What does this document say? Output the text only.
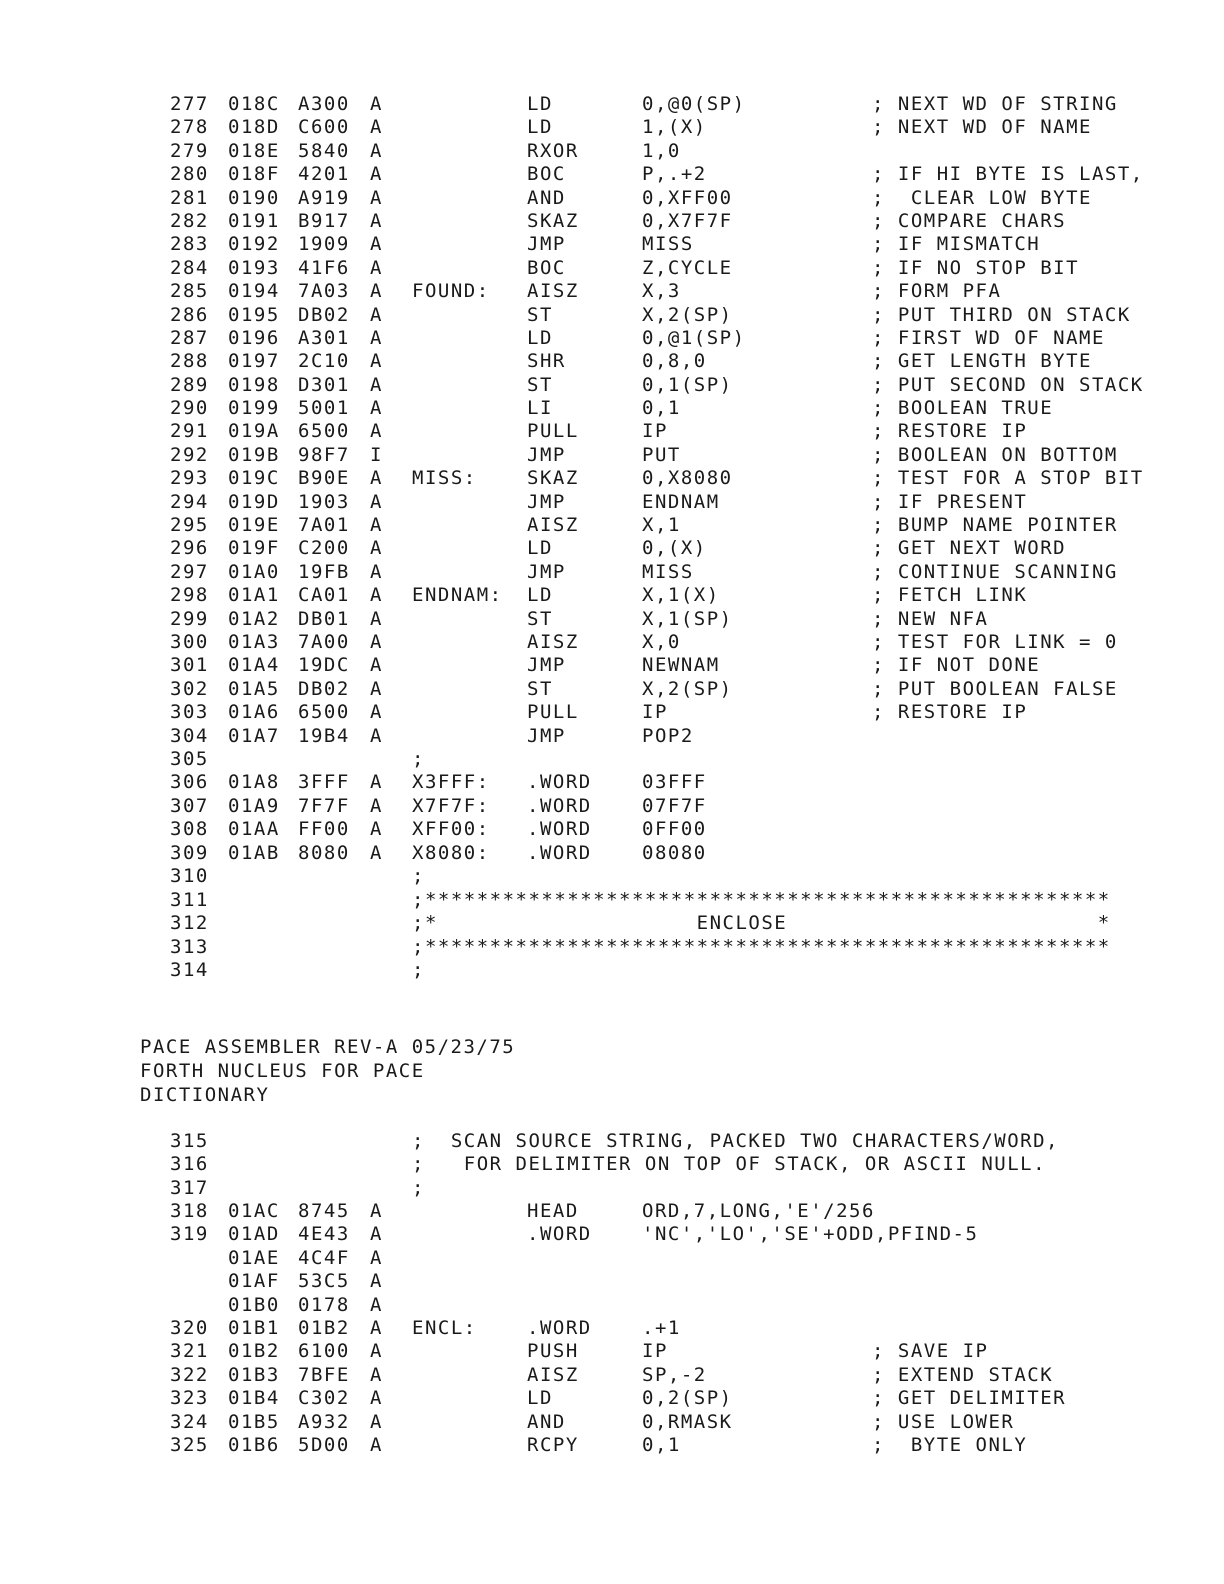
277 018C A300 A	LD	0,@0(SP)	; NEXT WD OF STRING
278 018D C600 A	LD	1,(X)	; NEXT WD OF NAME
279 018E 5840 A	RXOR	1,0
280 018F 4201 A	BOC	P,.+2	; IF HI BYTE IS LAST,
281 0190 A919 A	AND	0,XFF00	;  CLEAR LOW BYTE
282 0191 B917 A	SKAZ	0,X7F7F	; COMPARE CHARS
283 0192 1909 A	JMP	MISS	; IF MISMATCH
284 0193 41F6 A	BOC	Z,CYCLE	; IF NO STOP BIT
285 0194 7A03 A FOUND: AISZ	X,3	; FORM PFA
286 0195 DB02 A	ST	X,2(SP)	; PUT THIRD ON STACK
287 0196 A301 A	LD	0,@1(SP)	; FIRST WD OF NAME
288 0197 2C10 A	SHR	0,8,0	; GET LENGTH BYTE
289 0198 D301 A	ST	0,1(SP)	; PUT SECOND ON STACK
290 0199 5001 A	LI	0,1	; BOOLEAN TRUE
291 019A 6500 A	PULL	IP	; RESTORE IP
292 019B 98F7 I	JMP	PUT	; BOOLEAN ON BOTTOM
293 019C B90E A MISS:	SKAZ	0,X8080	; TEST FOR A STOP BIT
294 019D 1903 A	JMP	ENDNAM	; IF PRESENT
295 019E 7A01 A	AISZ	X,1	; BUMP NAME POINTER
296 019F C200 A	LD	0,(X)	; GET NEXT WORD
297 01A0 19FB A	JMP	MISS	; CONTINUE SCANNING
298 01A1 CA01 A ENDNAM: LD	X,1(X)	; FETCH LINK
299 01A2 DB01 A	ST	X,1(SP)	; NEW NFA
300 01A3 7A00 A	AISZ	X,0	; TEST FOR LINK = 0
301 01A4 19DC A	JMP	NEWNAM	; IF NOT DONE
302 01A5 DB02 A	ST	X,2(SP)	; PUT BOOLEAN FALSE
303 01A6 6500 A	PULL	IP	; RESTORE IP
304 01A7 19B4 A	JMP	POP2
305	;
306 01A8 3FFF A X3FFF: .WORD	03FFF
307 01A9 7F7F A X7F7F: .WORD	07F7F
308 01AA FF00 A XFF00: .WORD	0FF00
309 01AB 8080 A X8080: .WORD	08080
310	;
311	;*****************************************************
312	;*                    ENCLOSE                        *
313	;*****************************************************
314	;
PACE ASSEMBLER REV-A 05/23/75
FORTH NUCLEUS FOR PACE
DICTIONARY
315	;  SCAN SOURCE STRING, PACKED TWO CHARACTERS/WORD,
316	;   FOR DELIMITER ON TOP OF STACK, OR ASCII NULL.
317	;
318 01AC 8745 A	HEAD	ORD,7,LONG,'E'/256
319 01AD 4E43 A	.WORD	'NC','LO','SE'+ODD,PFIND-5
01AE 4C4F A
01AF 53C5 A
01B0 0178 A
320 01B1 01B2 A ENCL:	.WORD	.+1
321 01B2 6100 A	PUSH	IP	; SAVE IP
322 01B3 7BFE A	AISZ	SP,-2	; EXTEND STACK
323 01B4 C302 A	LD	0,2(SP)	; GET DELIMITER
324 01B5 A932 A	AND	0,RMASK	; USE LOWER
325 01B6 5D00 A	RCPY	0,1	;  BYTE ONLY
